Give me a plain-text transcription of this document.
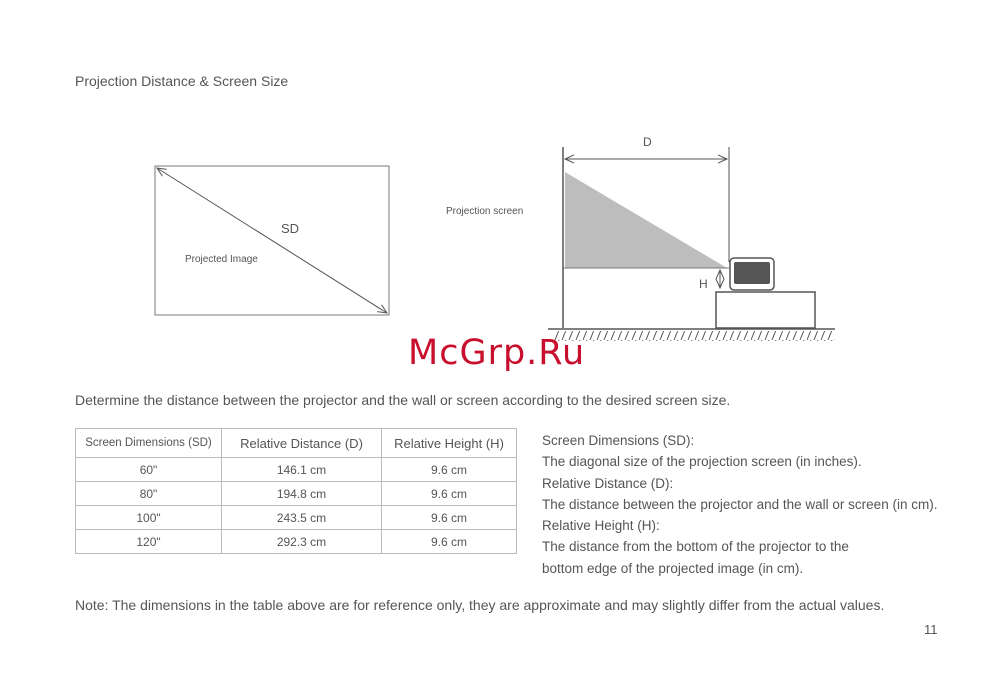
Projection Distance & Screen Size
SD
Projected Image
Projection screen
D
H
McGrp.Ru
Determine the distance between the projector and the wall or screen according to the desired screen size.
Screen Dimensions (SD)	Relative Distance (D)	Relative Height (H)
60"	146.1 cm	9.6 cm
80"	194.8 cm	9.6 cm
100"	243.5 cm	9.6 cm
120"	292.3 cm	9.6 cm
Screen Dimensions (SD):
The diagonal size of the projection screen (in inches).
Relative Distance (D):
The distance between the projector and the wall or screen (in cm).
Relative Height (H):
The distance from the bottom of the projector to the
bottom edge of the projected image (in cm).
Note: The dimensions in the table above are for reference only, they are approximate and may slightly differ from the actual values.
11
